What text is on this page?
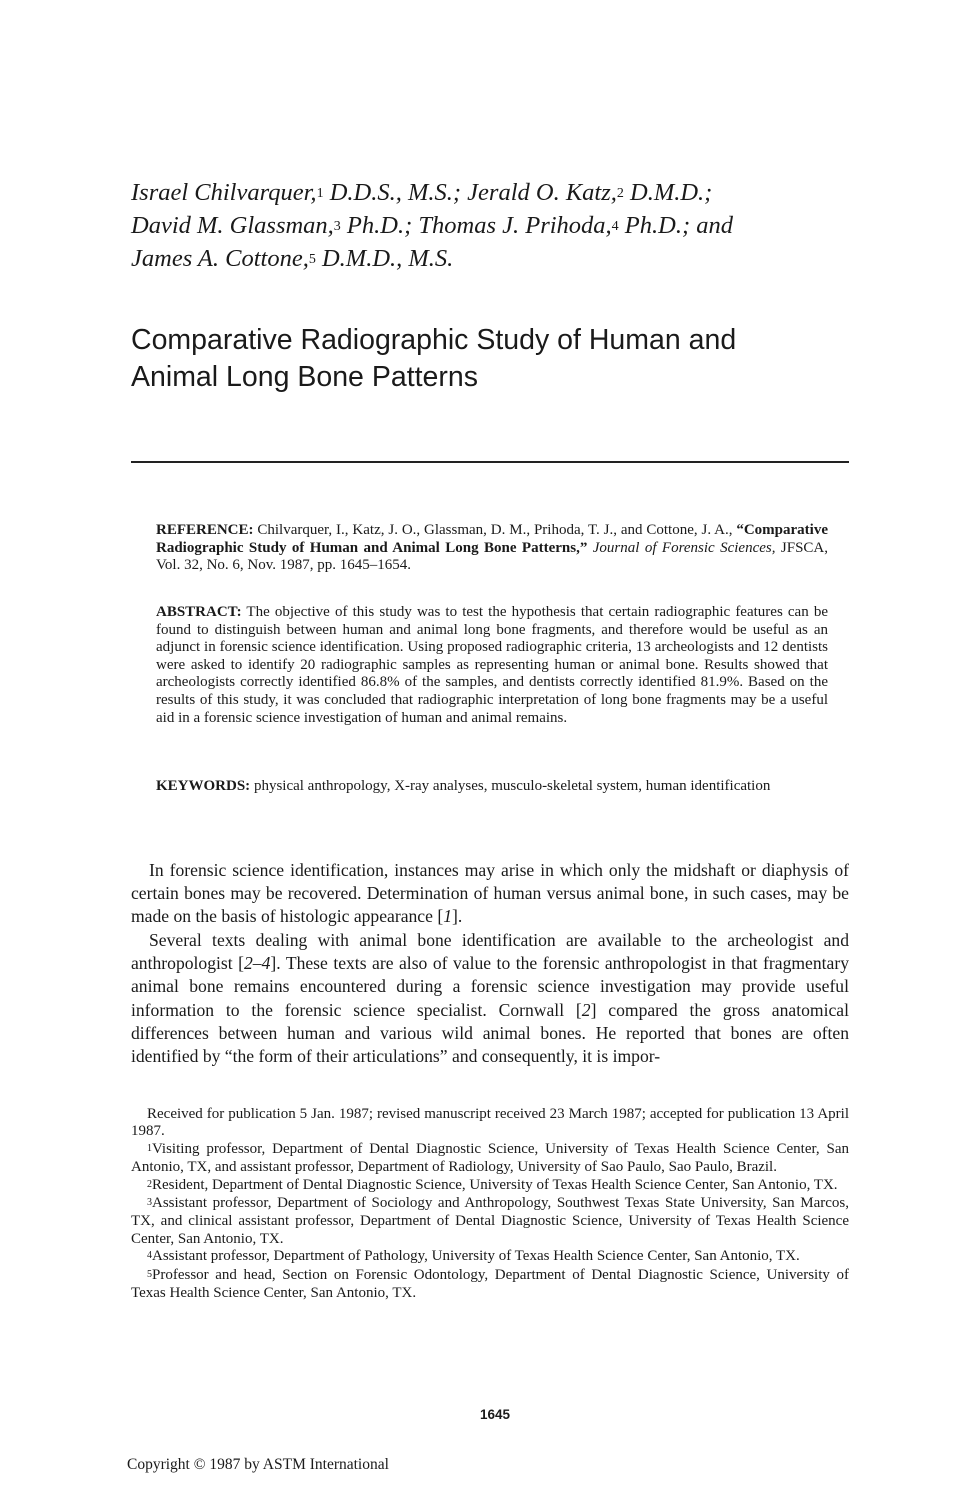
Israel Chilvarquer,$^1$ D.D.S., M.S.; Jerald O. Katz,$^2$ D.M.D.;
David M. Glassman,$^3$ Ph.D.; Thomas J. Prihoda,$^4$ Ph.D.; and
James A. Cottone,$^5$ D.M.D., M.S.
Comparative Radiographic Study of Human and
Animal Long Bone Patterns

REFERENCE: Chilvarquer, I., Katz, J. O., Glassman, D. M., Prihoda, T. J., and Cottone, J. A., “Comparative Radiographic Study of Human and Animal Long Bone Patterns,” Journal of Forensic Sciences, JFSCA, Vol. 32, No. 6, Nov. 1987, pp. 1645–1654.

ABSTRACT: The objective of this study was to test the hypothesis that certain radiographic features can be found to distinguish between human and animal long bone fragments, and therefore would be useful as an adjunct in forensic science identification. Using proposed radiographic criteria, 13 archeologists and 12 dentists were asked to identify 20 radiographic samples as representing human or animal bone. Results showed that archeologists correctly identified 86.8% of the samples, and dentists correctly identified 81.9%. Based on the results of this study, it was concluded that radiographic interpretation of long bone fragments may be a useful aid in a forensic science investigation of human and animal remains.

KEYWORDS: physical anthropology, X-ray analyses, musculo-skeletal system, human identification

In forensic science identification, instances may arise in which only the midshaft or diaphysis of certain bones may be recovered. Determination of human versus animal bone, in such cases, may be made on the basis of histologic appearance [1].

Several texts dealing with animal bone identification are available to the archeologist and anthropologist [2–4]. These texts are also of value to the forensic anthropologist in that fragmentary animal bone remains encountered during a forensic science investigation may provide useful information to the forensic science specialist. Cornwall [2] compared the gross anatomical differences between human and various wild animal bones. He reported that bones are often identified by “the form of their articulations” and consequently, it is impor-

Received for publication 5 Jan. 1987; revised manuscript received 23 March 1987; accepted for publication 13 April 1987.

$^1$Visiting professor, Department of Dental Diagnostic Science, University of Texas Health Science Center, San Antonio, TX, and assistant professor, Department of Radiology, University of Sao Paulo, Sao Paulo, Brazil.

$^2$Resident, Department of Dental Diagnostic Science, University of Texas Health Science Center, San Antonio, TX.

$^3$Assistant professor, Department of Sociology and Anthropology, Southwest Texas State University, San Marcos, TX, and clinical assistant professor, Department of Dental Diagnostic Science, University of Texas Health Science Center, San Antonio, TX.

$^4$Assistant professor, Department of Pathology, University of Texas Health Science Center, San Antonio, TX.

$^5$Professor and head, Section on Forensic Odontology, Department of Dental Diagnostic Science, University of Texas Health Science Center, San Antonio, TX.

1645
Copyright © 1987 by ASTM International
